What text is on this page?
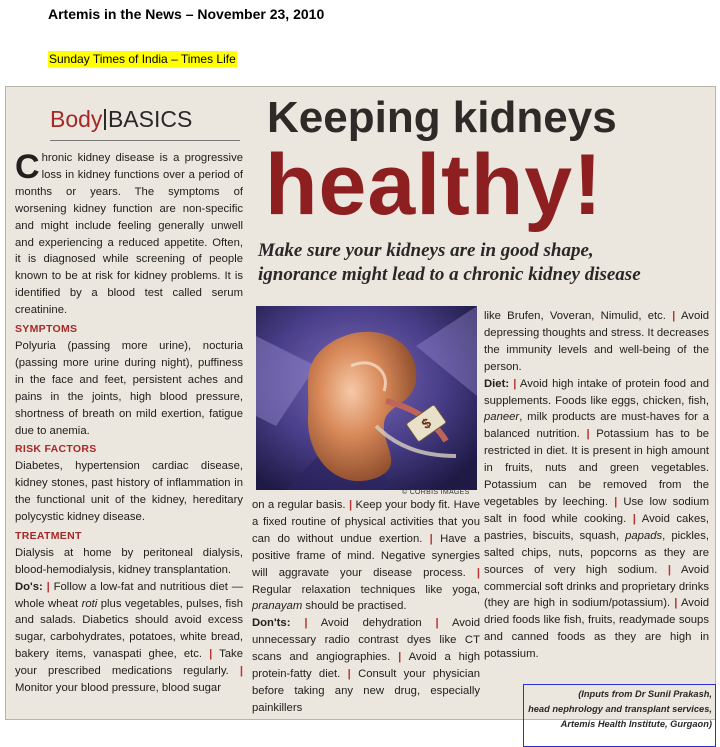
Artemis in the News – November 23, 2010
Sunday Times of India – Times Life
Body BASICS Keeping kidneys
healthy!
Make sure your kidneys are in good shape,
ignorance might lead to a chronic kidney disease

Chronic kidney disease is a progressive loss in kidney functions over a period of months or years. The symptoms of worsening kidney function are non-specific and might include feeling generally unwell and experiencing a reduced appetite. Often, it is diagnosed while screening of people known to be at risk for kidney problems. It is identified by a blood test called serum creatinine.

SYMPTOMS

Polyuria (passing more urine), nocturia (passing more urine during night), puffiness in the face and feet, persistent aches and pains in the joints, high blood pressure, shortness of breath on mild exertion, fatigue due to anemia.

RISK FACTORS

Diabetes, hypertension cardiac disease, kidney stones, past history of inflammation in the functional unit of the kidney, hereditary polycystic kidney disease.

TREATMENT

Dialysis at home by peritoneal dialysis, blood-hemodialysis, kidney transplantation.

Do's: | Follow a low-fat and nutritious diet —whole wheat roti plus vegetables, pulses, fish and salads. Diabetics should avoid excess sugar, carbohydrates, potatoes, white bread, bakery items, vanaspati ghee, etc. | Take your prescribed medications regularly. | Monitor your blood pressure, blood sugar

$
© CORBIS IMAGES

on a regular basis. | Keep your body fit. Have a fixed routine of physical activities that you can do without undue exertion. | Have a positive frame of mind. Negative synergies will aggravate your disease process. | Regular relaxation techniques like yoga, pranayam should be practised.

Don'ts: | Avoid dehydration | Avoid unnecessary radio contrast dyes like CT scans and angiographies. | Avoid a high protein-fatty diet. | Consult your physician before taking any new drug, especially painkillers

like Brufen, Voveran, Nimulid, etc. | Avoid depressing thoughts and stress. It decreases the immunity levels and well-being of the person.

Diet: | Avoid high intake of protein food and supplements. Foods like eggs, chicken, fish, paneer, milk products are must-haves for a balanced nutrition. | Potassium has to be restricted in diet. It is present in high amount in fruits, nuts and green vegetables. Potassium can be removed from the vegetables by leeching. | Use low sodium salt in food while cooking. | Avoid cakes, pastries, biscuits, squash, papads, pickles, salted chips, nuts, popcorns as they are sources of very high sodium. | Avoid commercial soft drinks and proprietary drinks (they are high in sodium/potassium). | Avoid dried foods like fish, fruits, readymade soups and canned foods as they are high in potassium.

(Inputs from Dr Sunil Prakash,
head nephrology and transplant services,
Artemis Health Institute, Gurgaon)
